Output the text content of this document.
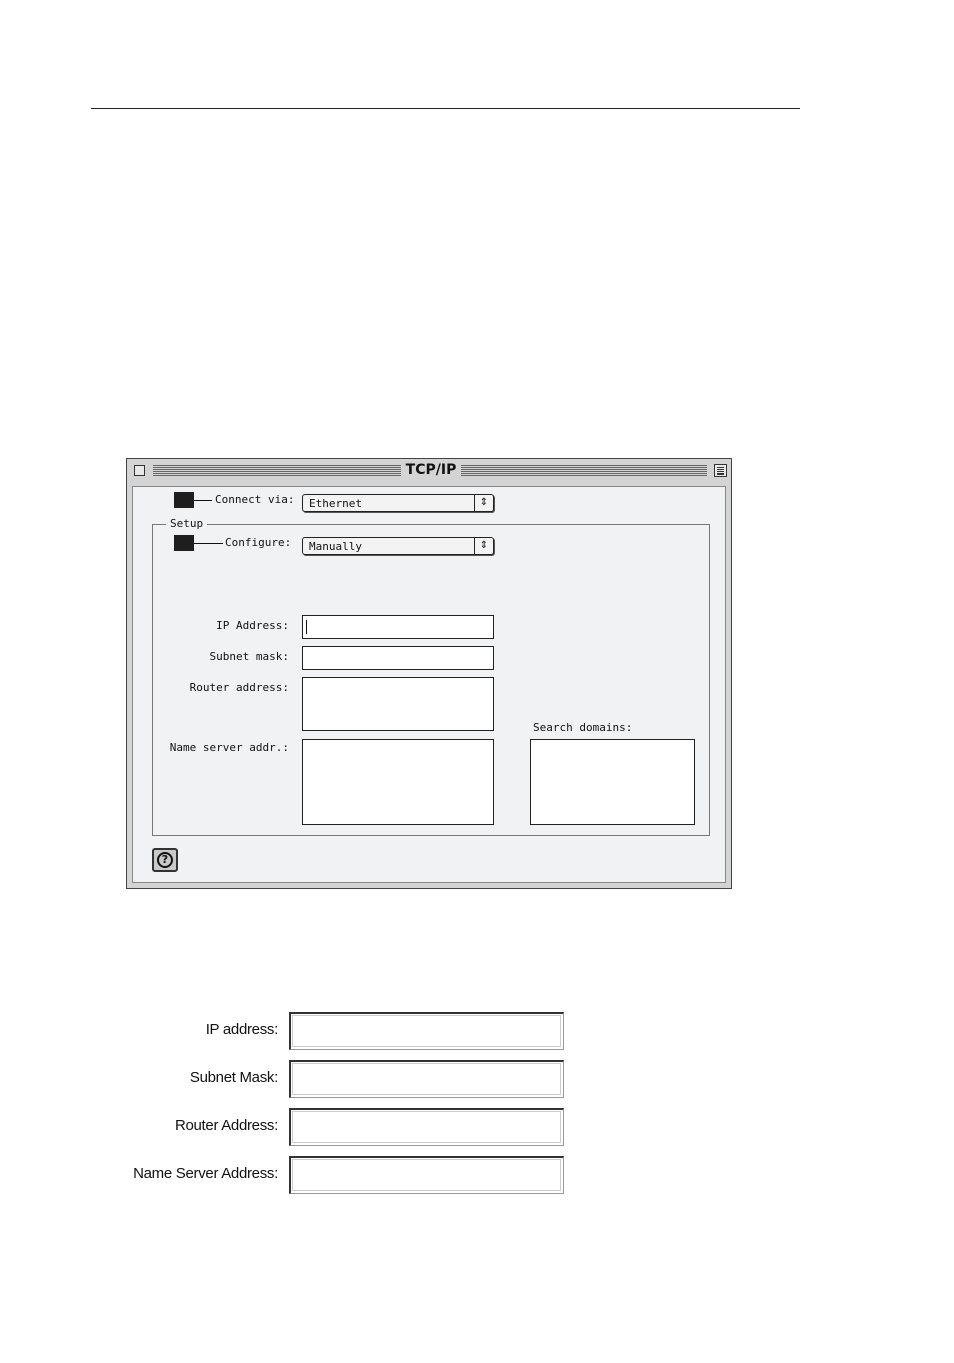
TCP/IP
Connect via: Ethernet	⇕
Setup
Configure: Manually	⇕
IP Address:
Subnet mask:
Router address:
Name server addr.:
Search domains:
?
IP address:
Subnet Mask:
Router Address:
Name Server Address:
